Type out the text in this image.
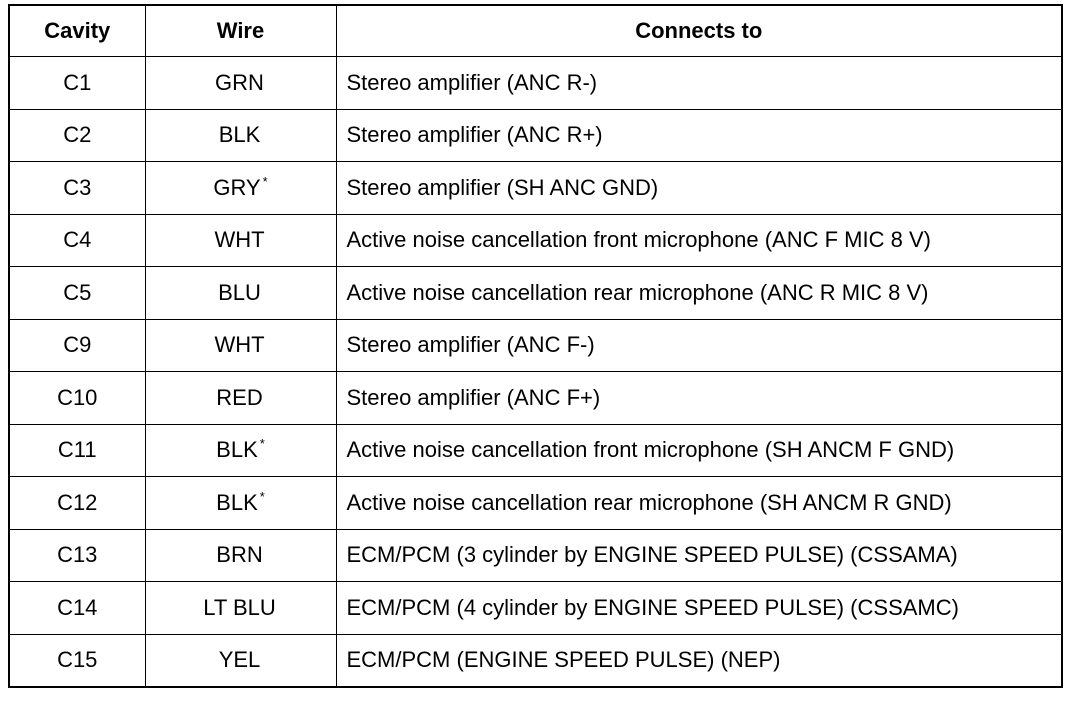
Cavity	Wire	Connects to
C1	GRN	Stereo amplifier (ANC R-)
C2	BLK	Stereo amplifier (ANC R+)
C3	GRY *	Stereo amplifier (SH ANC GND)
C4	WHT	Active noise cancellation front microphone (ANC F MIC 8 V)
C5	BLU	Active noise cancellation rear microphone (ANC R MIC 8 V)
C9	WHT	Stereo amplifier (ANC F-)
C10	RED	Stereo amplifier (ANC F+)
C11	BLK *	Active noise cancellation front microphone (SH ANCM F GND)
C12	BLK *	Active noise cancellation rear microphone (SH ANCM R GND)
C13	BRN	ECM/PCM (3 cylinder by ENGINE SPEED PULSE) (CSSAMA)
C14	LT BLU	ECM/PCM (4 cylinder by ENGINE SPEED PULSE) (CSSAMC)
C15	YEL	ECM/PCM (ENGINE SPEED PULSE) (NEP)
